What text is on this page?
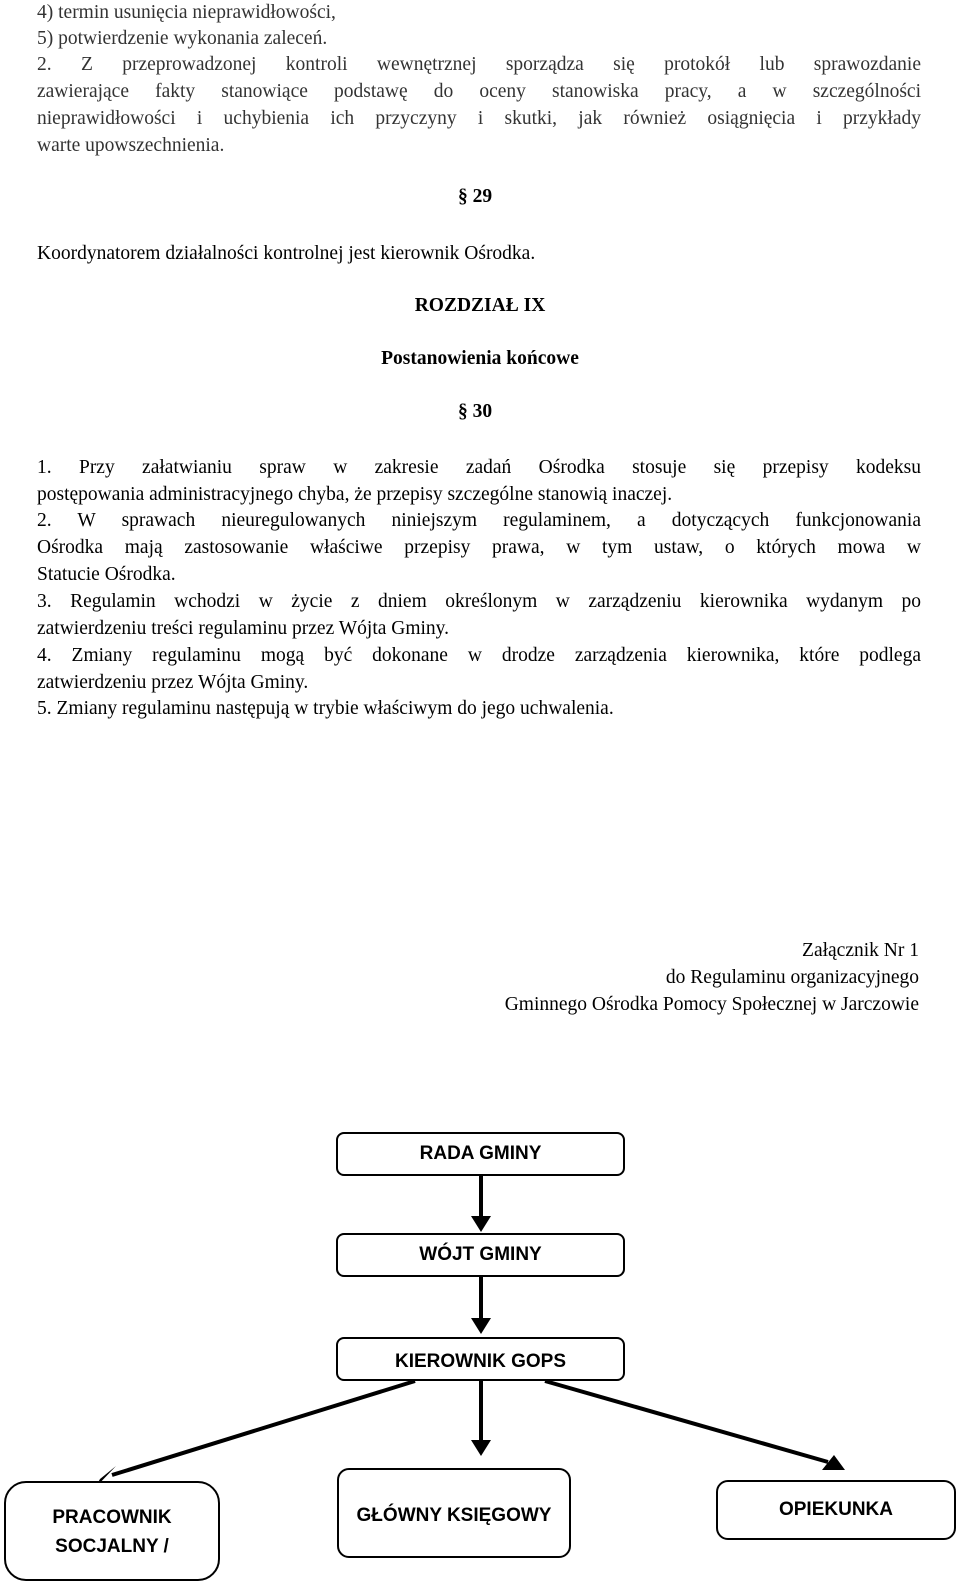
4) termin usunięcia nieprawidłowości,
5) potwierdzenie wykonania zaleceń.
2. Z przeprowadzonej kontroli wewnętrznej sporządza się protokół lub sprawozdanie
zawierające fakty stanowiące podstawę do oceny stanowiska pracy, a w szczególności
nieprawidłowości i uchybienia ich przyczyny i skutki, jak również osiągnięcia i przykłady
warte upowszechnienia.
§ 29
Koordynatorem działalności kontrolnej jest kierownik Ośrodka.
ROZDZIAŁ IX
Postanowienia końcowe
§ 30
1. Przy załatwianiu spraw w zakresie zadań Ośrodka stosuje się przepisy kodeksu
postępowania administracyjnego chyba, że przepisy szczególne stanowią inaczej.
2. W sprawach nieuregulowanych niniejszym regulaminem, a dotyczących funkcjonowania
Ośrodka mają zastosowanie właściwe przepisy prawa, w tym ustaw, o których mowa w
Statucie Ośrodka.
3. Regulamin wchodzi w życie z dniem określonym w zarządzeniu kierownika wydanym po
zatwierdzeniu treści regulaminu przez Wójta Gminy.
4. Zmiany regulaminu mogą być dokonane w drodze zarządzenia kierownika, które podlega
zatwierdzeniu przez Wójta Gminy.
5. Zmiany regulaminu następują w trybie właściwym do jego uchwalenia.
Załącznik Nr 1
do Regulaminu organizacyjnego
Gminnego Ośrodka Pomocy Społecznej w Jarczowie
RADA GMINY
WÓJT GMINY
KIEROWNIK GOPS
PRACOWNIK
SOCJALNY /
GŁÓWNY KSIĘGOWY	OPIEKUNKA
